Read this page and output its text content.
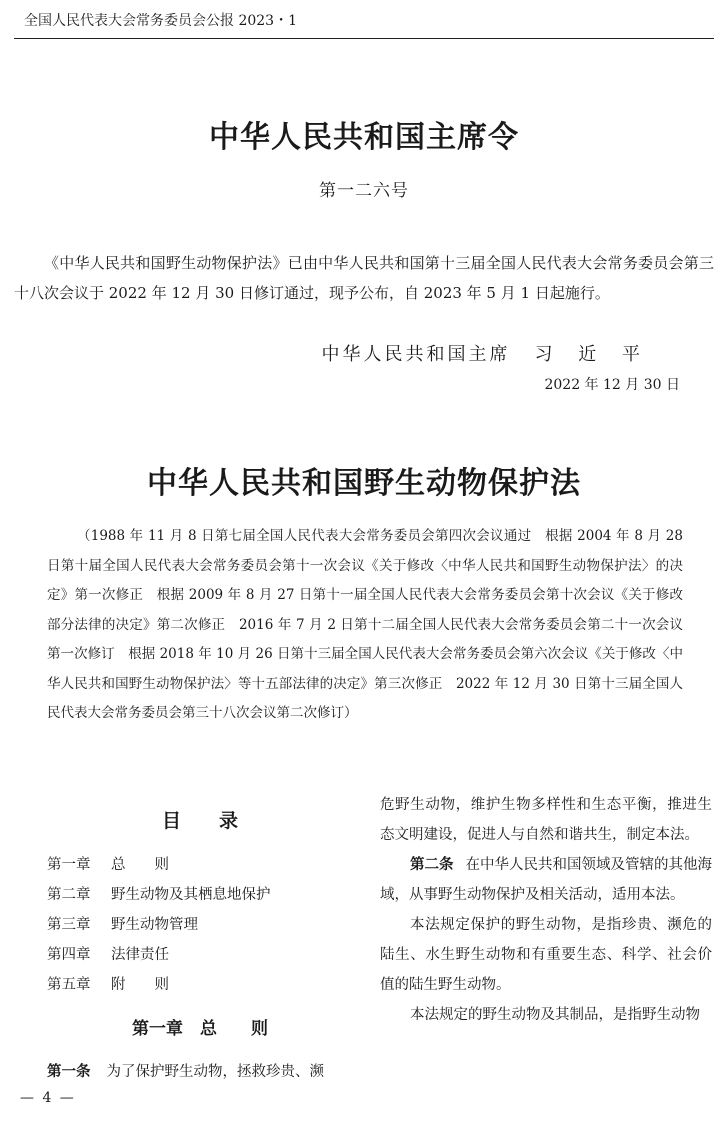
全国人民代表大会常务委员会公报 2023・1
中华人民共和国主席令
第一二六号
《中华人民共和国野生动物保护法》已由中华人民共和国第十三届全国人民代表大会常务委员会第三十八次会议于 2022 年 12 月 30 日修订通过，现予公布，自 2023 年 5 月 1 日起施行。
中华人民共和国主席 习 近 平
2022 年 12 月 30 日
中华人民共和国野生动物保护法
（1988 年 11 月 8 日第七届全国人民代表大会常务委员会第四次会议通过　根据 2004 年 8 月 28 日第十届全国人民代表大会常务委员会第十一次会议《关于修改〈中华人民共和国野生动物保护法〉的决定》第一次修正　根据 2009 年 8 月 27 日第十一届全国人民代表大会常务委员会第十次会议《关于修改部分法律的决定》第二次修正　2016 年 7 月 2 日第十二届全国人民代表大会常务委员会第二十一次会议第一次修订　根据 2018 年 10 月 26 日第十三届全国人民代表大会常务委员会第六次会议《关于修改〈中华人民共和国野生动物保护法〉等十五部法律的决定》第三次修正　2022 年 12 月 30 日第十三届全国人民代表大会常务委员会第三十八次会议第二次修订）
目 录
第一章	总　　则
第二章	野生动物及其栖息地保护
第三章	野生动物管理
第四章	法律责任
第五章	附　　则
第一章　总　　则
第一条 为了保护野生动物，拯救珍贵、濒

危野生动物，维护生物多样性和生态平衡，推进生态文明建设，促进人与自然和谐共生，制定本法。

第二条 在中华人民共和国领域及管辖的其他海域，从事野生动物保护及相关活动，适用本法。

本法规定保护的野生动物，是指珍贵、濒危的陆生、水生野生动物和有重要生态、科学、社会价值的陆生野生动物。

本法规定的野生动物及其制品，是指野生动物

— 4 —
